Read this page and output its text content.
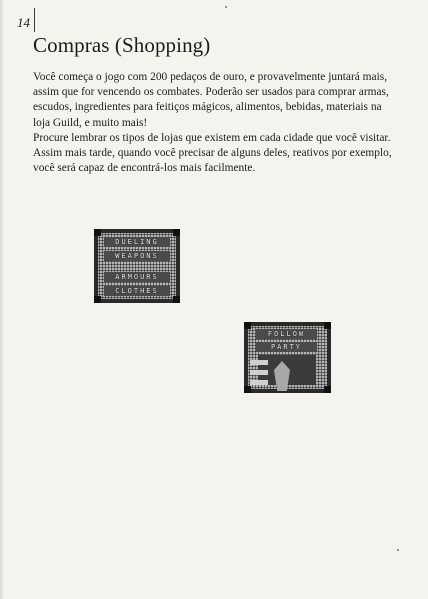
14
Compras (Shopping)

Você começa o jogo com 200 pedaços de ouro, e provavelmente juntará mais, assim que for vencendo os combates. Poderão ser usados para comprar armas, escudos, ingredientes para feitiços mágicos, alimentos, bebidas, materiais na loja Guild, e muito mais!

Procure lembrar os tipos de lojas que existem em cada cidade que você visitar. Assim mais tarde, quando você precisar de alguns deles, reativos por exemplo, você será capaz de encontrá-los mais facilmente.

DUELING
WEAPONS
ARMOURS
CLOTHES
FOLLOW
PARTY
